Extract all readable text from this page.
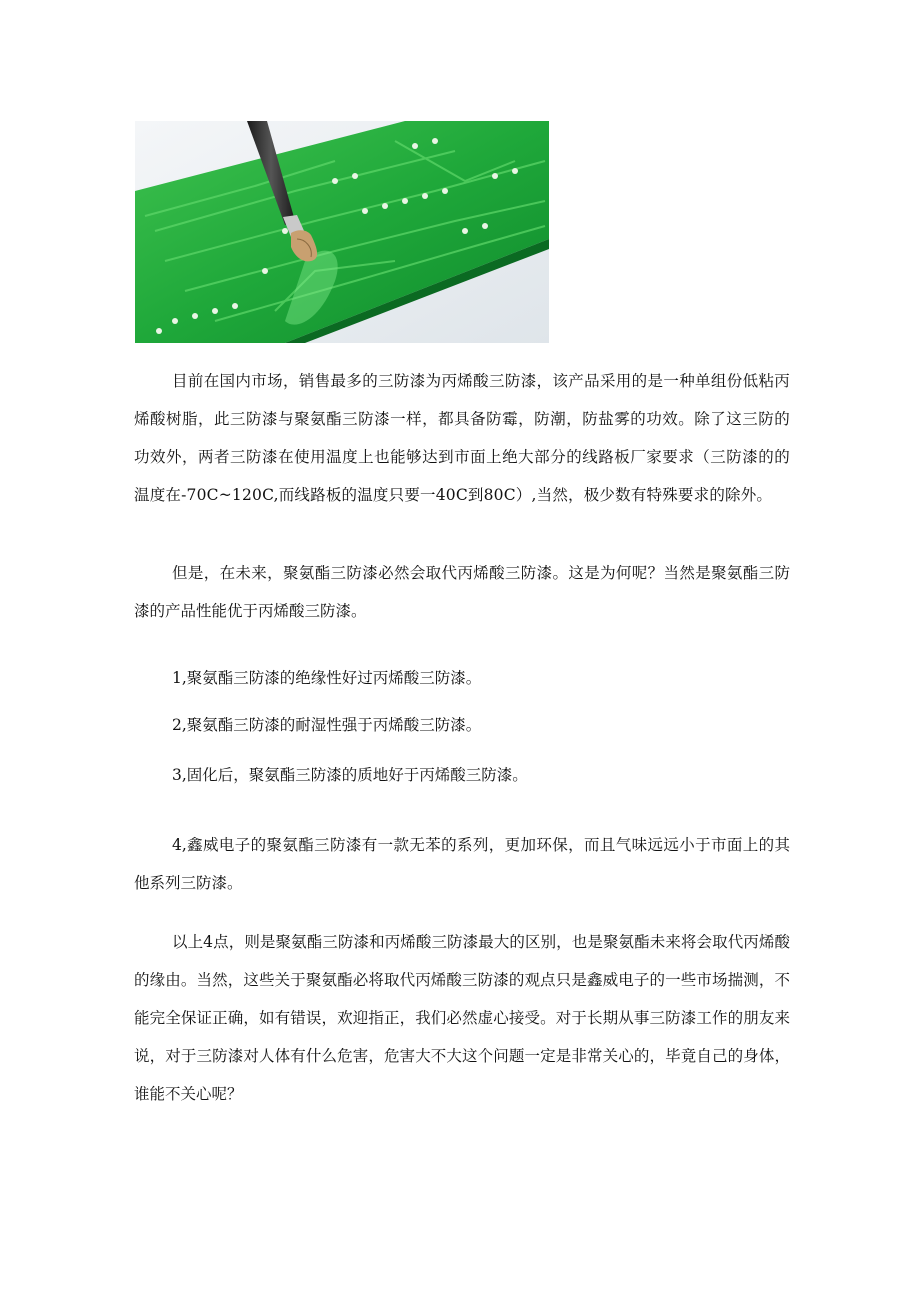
目前在国内市场，销售最多的三防漆为丙烯酸三防漆，该产品采用的是一种单组份低粘丙烯酸树脂，此三防漆与聚氨酯三防漆一样，都具备防霉，防潮，防盐雾的功效。除了这三防的功效外，两者三防漆在使用温度上也能够达到市面上绝大部分的线路板厂家要求（三防漆的的温度在-70C~120C,而线路板的温度只要一40C到80C）,当然，极少数有特殊要求的除外。

但是，在未来，聚氨酯三防漆必然会取代丙烯酸三防漆。这是为何呢？当然是聚氨酯三防漆的产品性能优于丙烯酸三防漆。

1,聚氨酯三防漆的绝缘性好过丙烯酸三防漆。

2,聚氨酯三防漆的耐湿性强于丙烯酸三防漆。

3,固化后，聚氨酯三防漆的质地好于丙烯酸三防漆。

4,鑫威电子的聚氨酯三防漆有一款无苯的系列，更加环保，而且气味远远小于市面上的其他系列三防漆。

以上4点，则是聚氨酯三防漆和丙烯酸三防漆最大的区别，也是聚氨酯未来将会取代丙烯酸的缘由。当然，这些关于聚氨酯必将取代丙烯酸三防漆的观点只是鑫威电子的一些市场揣测，不能完全保证正确，如有错误，欢迎指正，我们必然虚心接受。对于长期从事三防漆工作的朋友来说，对于三防漆对人体有什么危害，危害大不大这个问题一定是非常关心的，毕竟自己的身体，谁能不关心呢？
